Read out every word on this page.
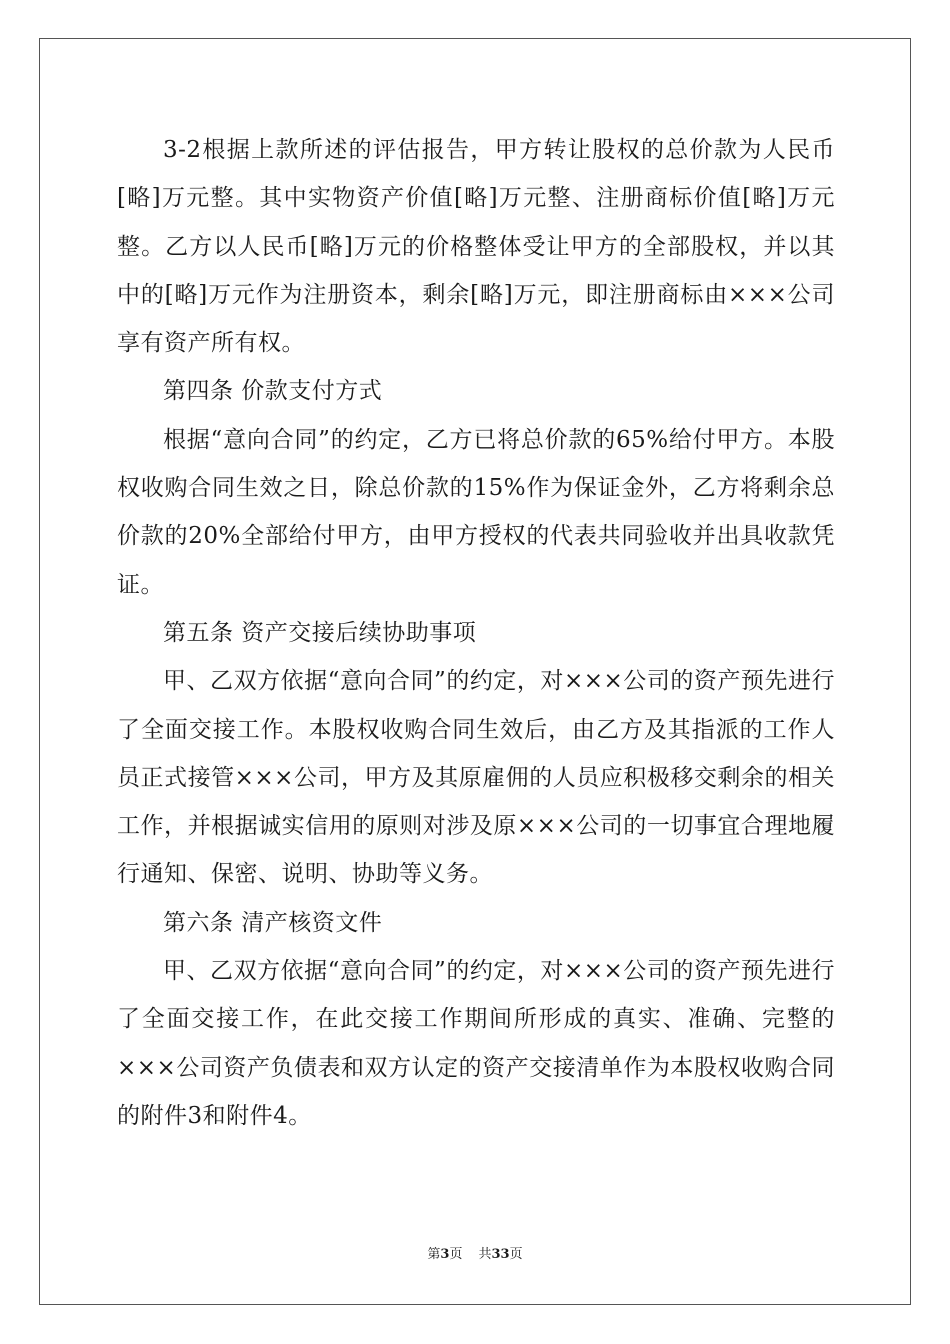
3-2根据上款所述的评估报告，甲方转让股权的总价款为人民币[略]万元整。其中实物资产价值[略]万元整、注册商标价值[略]万元整。乙方以人民币[略]万元的价格整体受让甲方的全部股权，并以其中的[略]万元作为注册资本，剩余[略]万元，即注册商标由×××公司享有资产所有权。

第四条 价款支付方式

根据“意向合同”的约定，乙方已将总价款的65%给付甲方。本股权收购合同生效之日，除总价款的15%作为保证金外，乙方将剩余总价款的20%全部给付甲方，由甲方授权的代表共同验收并出具收款凭证。

第五条 资产交接后续协助事项

甲、乙双方依据“意向合同”的约定，对×××公司的资产预先进行了全面交接工作。本股权收购合同生效后，由乙方及其指派的工作人员正式接管×××公司，甲方及其原雇佣的人员应积极移交剩余的相关工作，并根据诚实信用的原则对涉及原×××公司的一切事宜合理地履行通知、保密、说明、协助等义务。

第六条 清产核资文件

甲、乙双方依据“意向合同”的约定，对×××公司的资产预先进行了全面交接工作，在此交接工作期间所形成的真实、准确、完整的×××公司资产负债表和双方认定的资产交接清单作为本股权收购合同的附件3和附件4。

第3页 共33页
